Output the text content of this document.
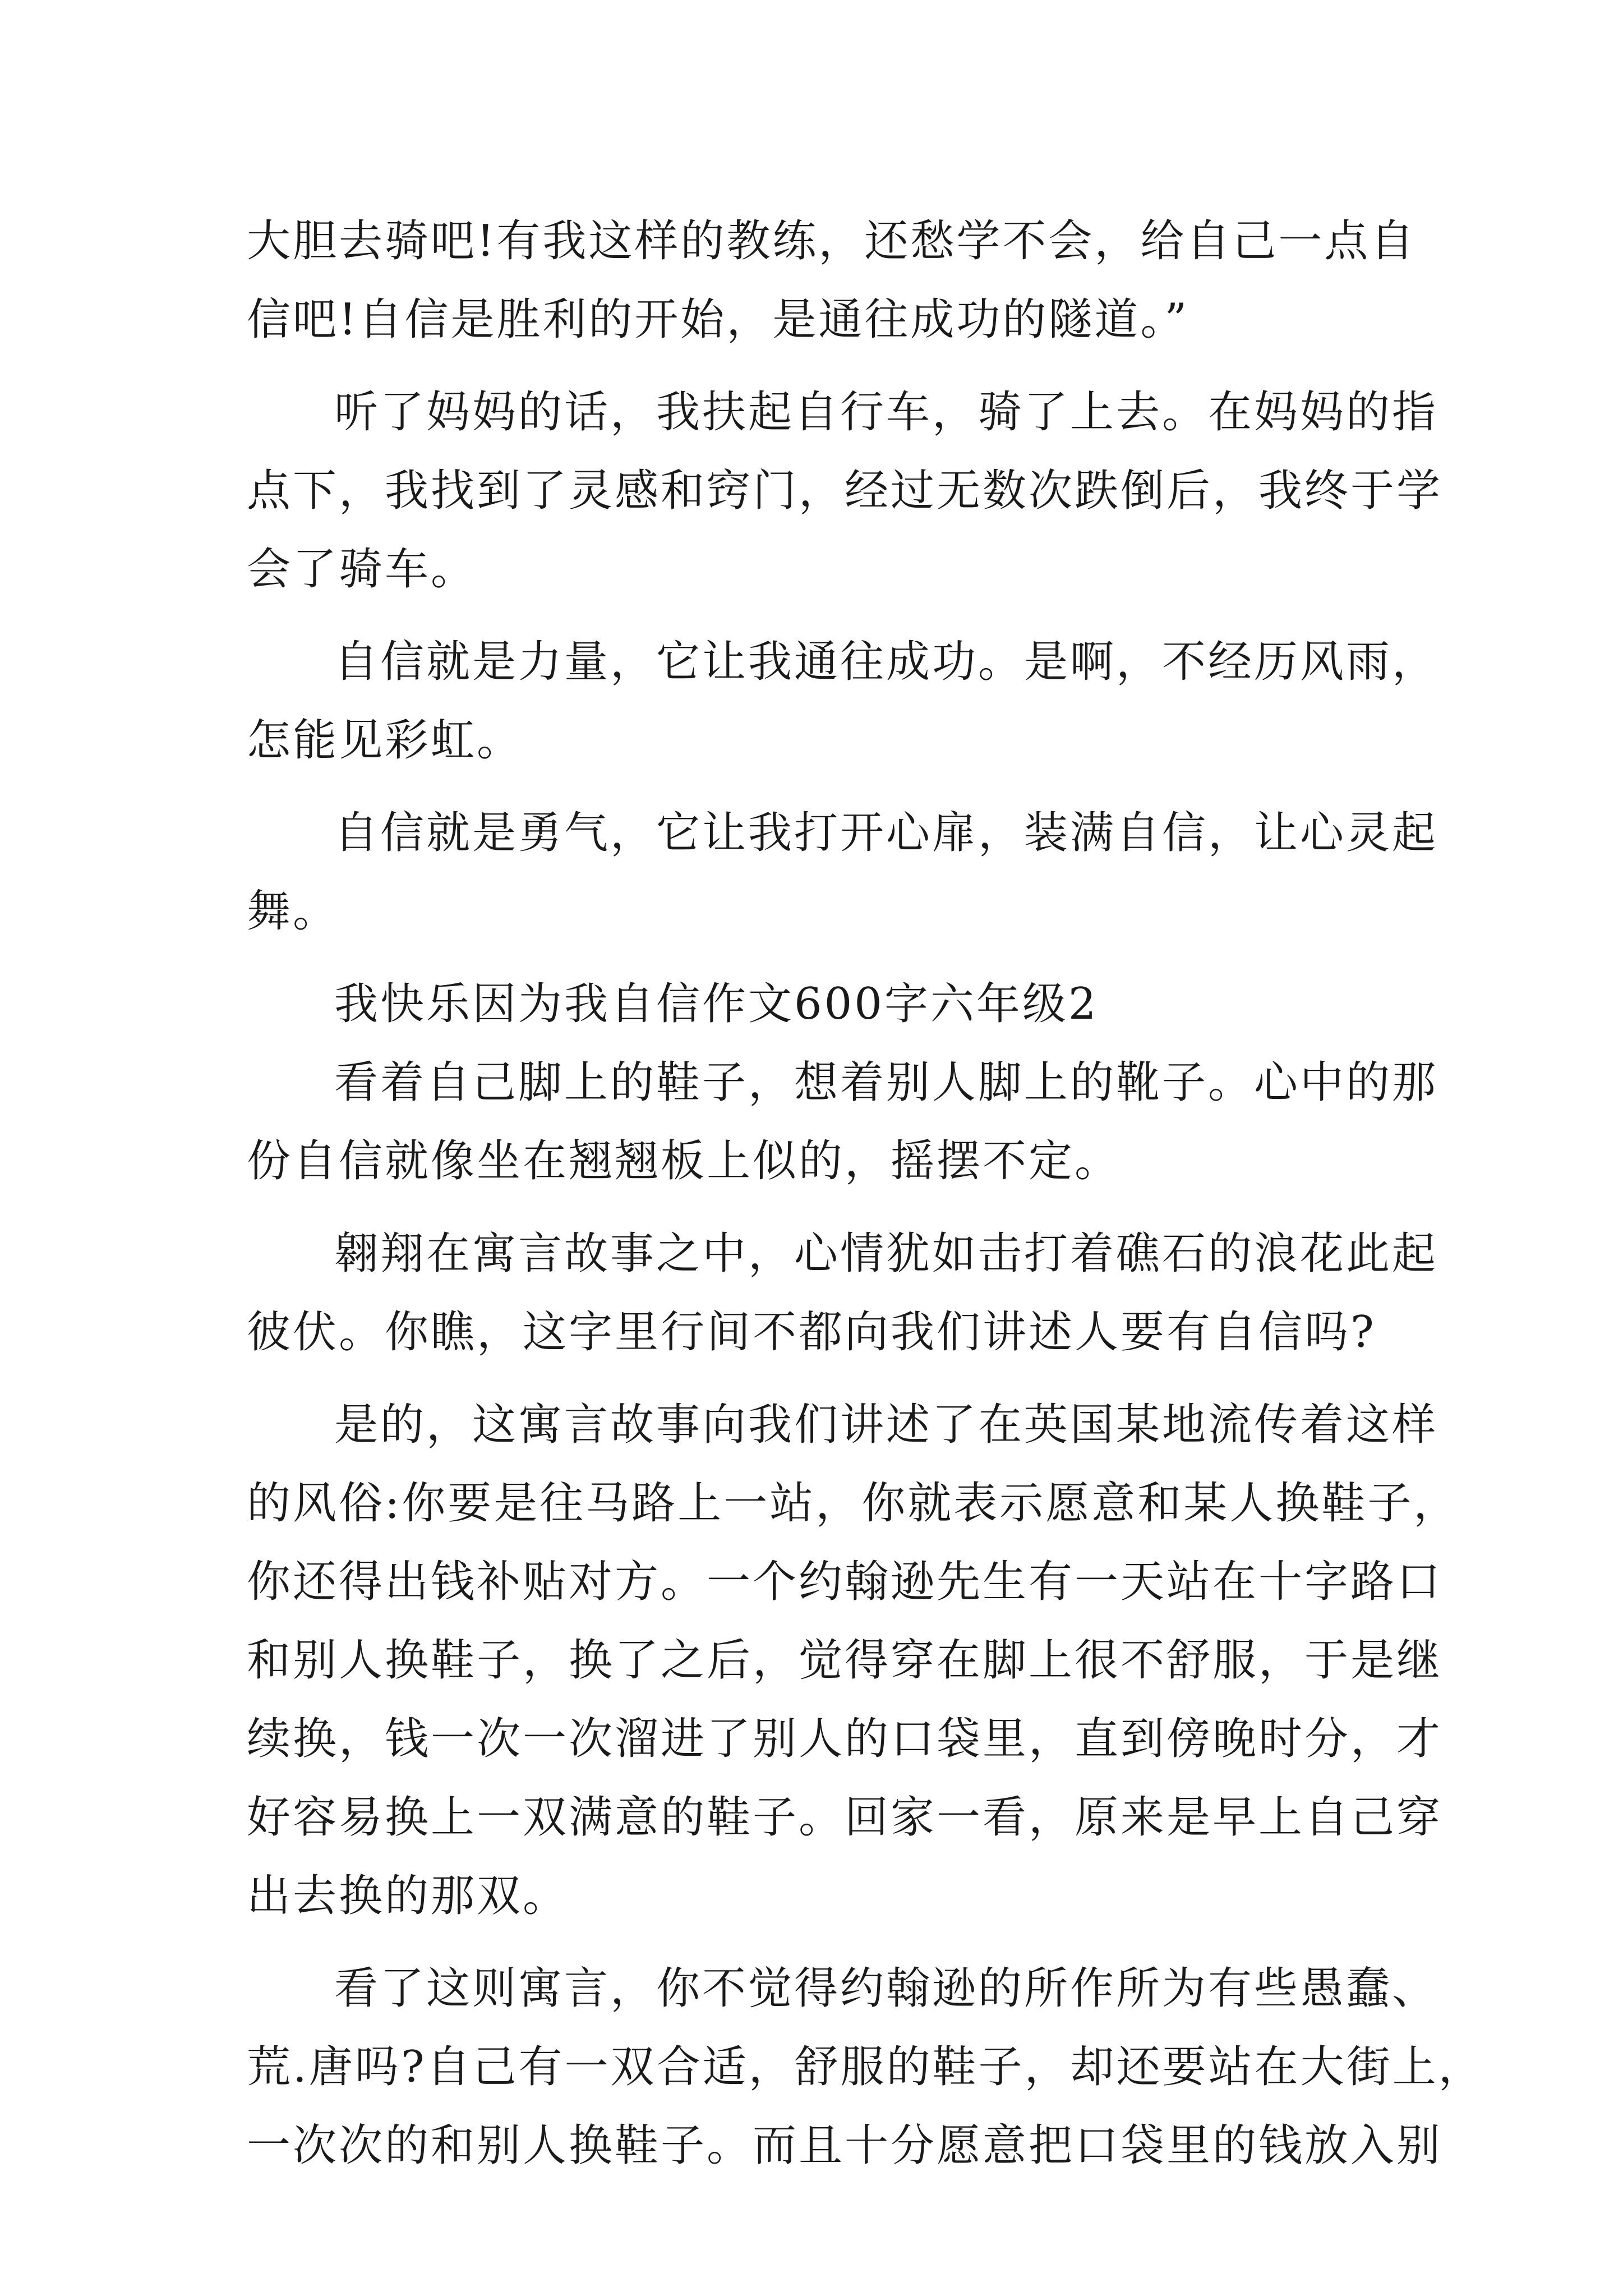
大胆去骑吧!有我这样的教练，还愁学不会，给自己一点自
信吧!自信是胜利的开始，是通往成功的隧道。”
听了妈妈的话，我扶起自行车，骑了上去。在妈妈的指
点下，我找到了灵感和窍门，经过无数次跌倒后，我终于学
会了骑车。
自信就是力量，它让我通往成功。是啊，不经历风雨，
怎能见彩虹。
自信就是勇气，它让我打开心扉，装满自信，让心灵起
舞。
我快乐因为我自信作文600字六年级2
看着自己脚上的鞋子，想着别人脚上的靴子。心中的那
份自信就像坐在翘翘板上似的，摇摆不定。
翱翔在寓言故事之中，心情犹如击打着礁石的浪花此起
彼伏。你瞧，这字里行间不都向我们讲述人要有自信吗?
是的，这寓言故事向我们讲述了在英国某地流传着这样
的风俗:你要是往马路上一站，你就表示愿意和某人换鞋子，
你还得出钱补贴对方。一个约翰逊先生有一天站在十字路口
和别人换鞋子，换了之后，觉得穿在脚上很不舒服，于是继
续换，钱一次一次溜进了别人的口袋里，直到傍晚时分，才
好容易换上一双满意的鞋子。回家一看，原来是早上自己穿
出去换的那双。
看了这则寓言，你不觉得约翰逊的所作所为有些愚蠢、
荒.唐吗?自己有一双合适，舒服的鞋子，却还要站在大街上，
一次次的和别人换鞋子。而且十分愿意把口袋里的钱放入别
